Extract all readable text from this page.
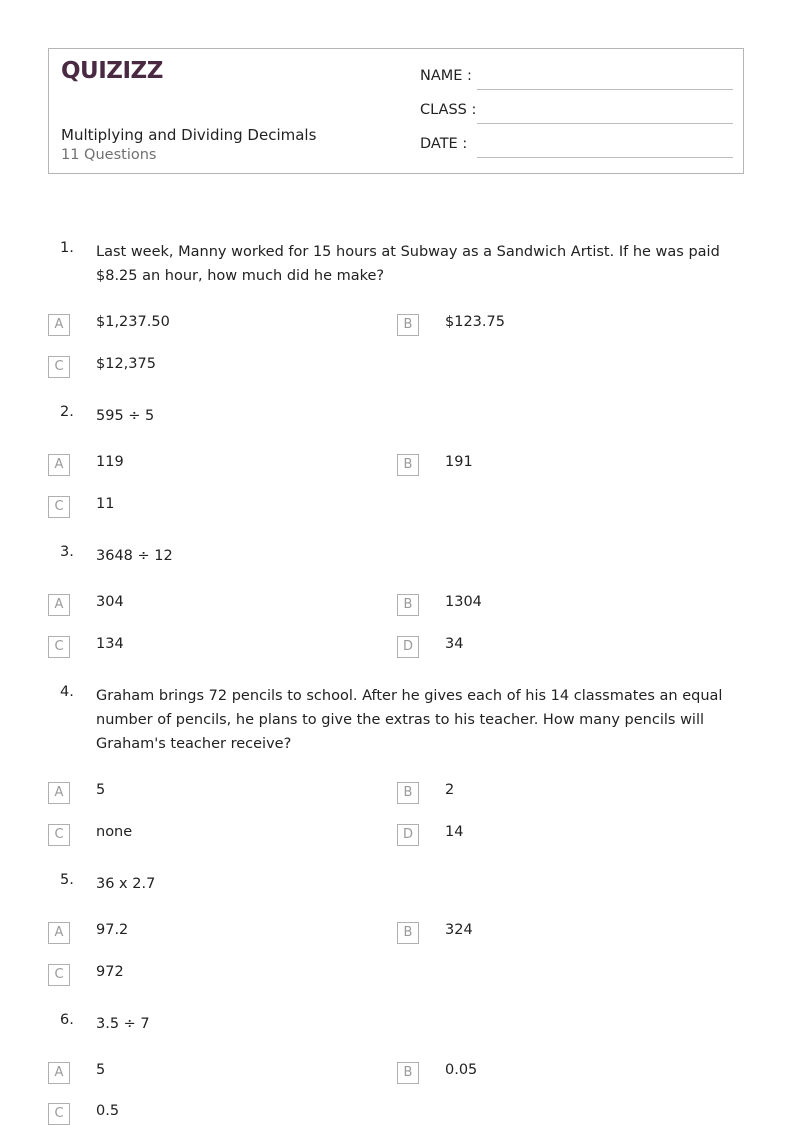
QUIZIZZ
Multiplying and Dividing Decimals
11 Questions
NAME :
CLASS :
DATE :
1. Last week, Manny worked for 15 hours at Subway as a Sandwich Artist. If he was paid $8.25 an hour, how much did he make?
A	$1,237.50	B	$123.75
C	$12,375
2. 595 ÷ 5
A	119	B	191
C	11
3. 3648 ÷ 12
A	304	B	1304
C	134	D	34
4. Graham brings 72 pencils to school. After he gives each of his 14 classmates an equal number of pencils, he plans to give the extras to his teacher. How many pencils will Graham's teacher receive?
A	5	B	2
C	none	D	14
5. 36 x 2.7
A	97.2	B	324
C	972
6. 3.5 ÷ 7
A	5	B	0.05
C	0.5
